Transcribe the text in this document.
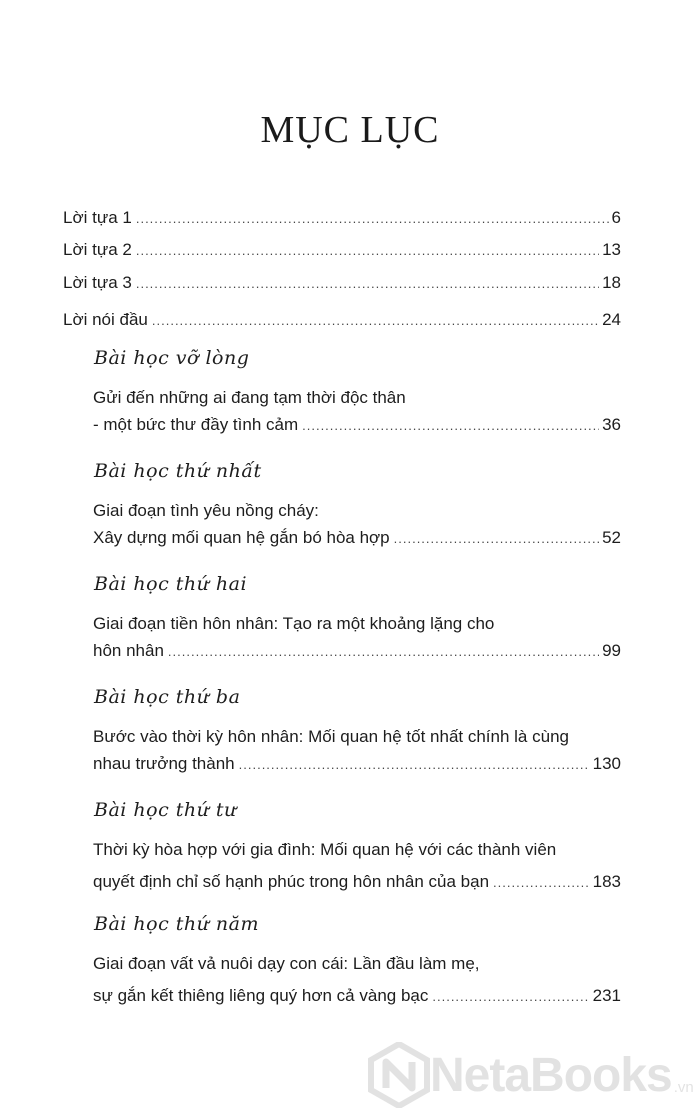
MỤC LỤC
Lời tựa 1 .....	6
Lời tựa 2 .....	13
Lời tựa 3 .....	18
Lời nói đầu .....	24
Bài học vỡ lòng
Gửi đến những ai đang tạm thời độc thân
- một bức thư đầy tình cảm .....	36
Bài học thứ nhất
Giai đoạn tình yêu nồng cháy:
Xây dựng mối quan hệ gắn bó hòa hợp .....	52
Bài học thứ hai
Giai đoạn tiền hôn nhân: Tạo ra một khoảng lặng cho
hôn nhân .....	99
Bài học thứ ba
Bước vào thời kỳ hôn nhân: Mối quan hệ tốt nhất chính là cùng
nhau trưởng thành .....	130
Bài học thứ tư
Thời kỳ hòa hợp với gia đình: Mối quan hệ với các thành viên
quyết định chỉ số hạnh phúc trong hôn nhân của bạn .....	183
Bài học thứ năm
Giai đoạn vất vả nuôi dạy con cái: Lần đầu làm mẹ,
sự gắn kết thiêng liêng quý hơn cả vàng bạc .....	231
NetaBooks .vn
